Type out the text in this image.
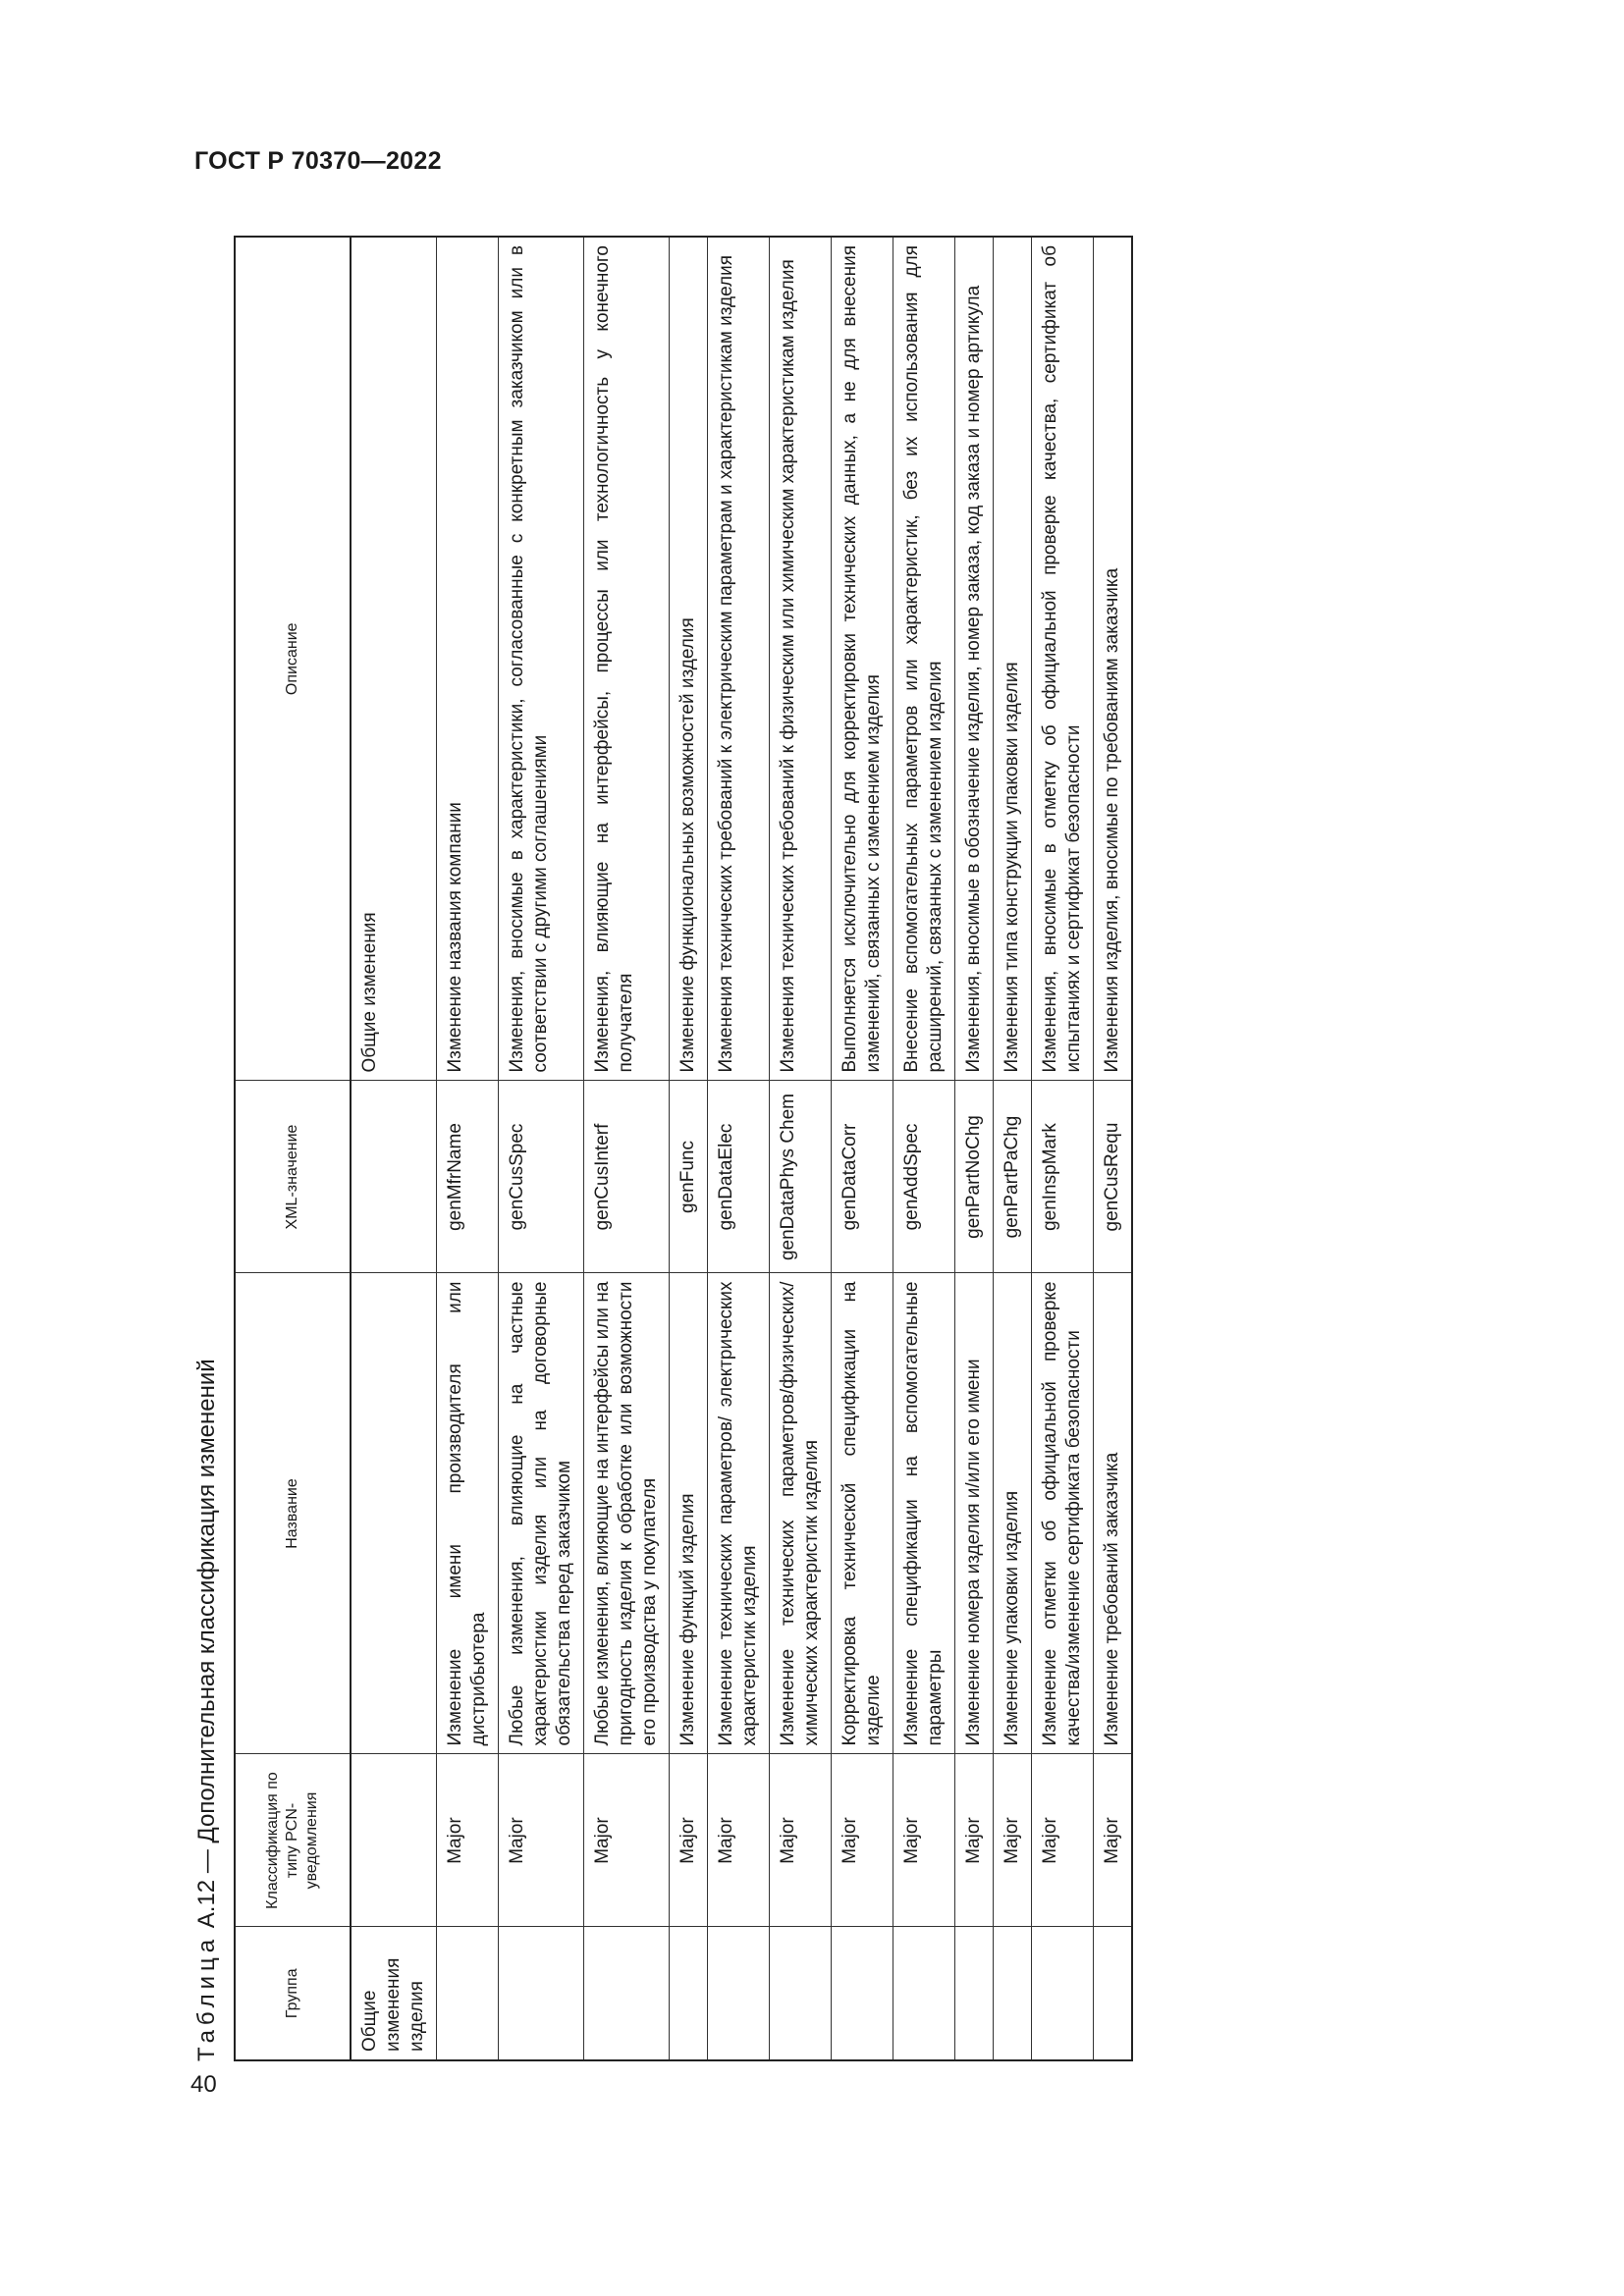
ГОСТ Р 70370—2022
40
Таблица А.12 — Дополнительная классификация изменений
Группа	Классификация по типу PCN-уведомления	Название	XML-значение	Описание
Общие изменения изделия				Общие изменения
	Major	Изменение имени производителя или дистрибьютера	genMfrName	Изменение названия компании
	Major	Любые изменения, влияющие на частные характеристики изделия или на договорные обязательства перед заказчиком	genCusSpec	Изменения, вносимые в характеристики, согласованные с конкретным заказчиком или в соответствии с другими соглашениями
	Major	Любые изменения, влияющие на интерфейсы или на пригодность изделия к обработке или возможности его производства у покупателя	genCusInterf	Изменения, влияющие на интерфейсы, процессы или технологичность у конечного получателя
	Major	Изменение функций изделия	genFunc	Изменение функциональных возможностей изделия
	Major	Изменение технических параметров/ электрических характеристик изделия	genDataElec	Изменения технических требований к электрическим параметрам и характеристикам изделия
	Major	Изменение технических параметров/физических/химических характеристик изделия	genDataPhys Chem	Изменения технических требований к физическим или химическим характеристикам изделия
	Major	Корректировка технической спецификации на изделие	genDataCorr	Выполняется исключительно для корректировки технических данных, а не для внесения изменений, связанных с изменением изделия
	Major	Изменение спецификации на вспомогательные параметры	genAddSpec	Внесение вспомогательных параметров или характеристик, без их использования для расширений, связанных с изменением изделия
	Major	Изменение номера изделия и/или его имени	genPartNoChg	Изменения, вносимые в обозначение изделия, номер заказа, код заказа и номер артикула
	Major	Изменение упаковки изделия	genPartPaChg	Изменения типа конструкции упаковки изделия
	Major	Изменение отметки об официальной проверке качества/изменение сертификата безопасности	genInspMark	Изменения, вносимые в отметку об официальной проверке качества, сертификат об испытаниях и сертификат безопасности
	Major	Изменение требований заказчика	genCusRequ	Изменения изделия, вносимые по требованиям заказчика
